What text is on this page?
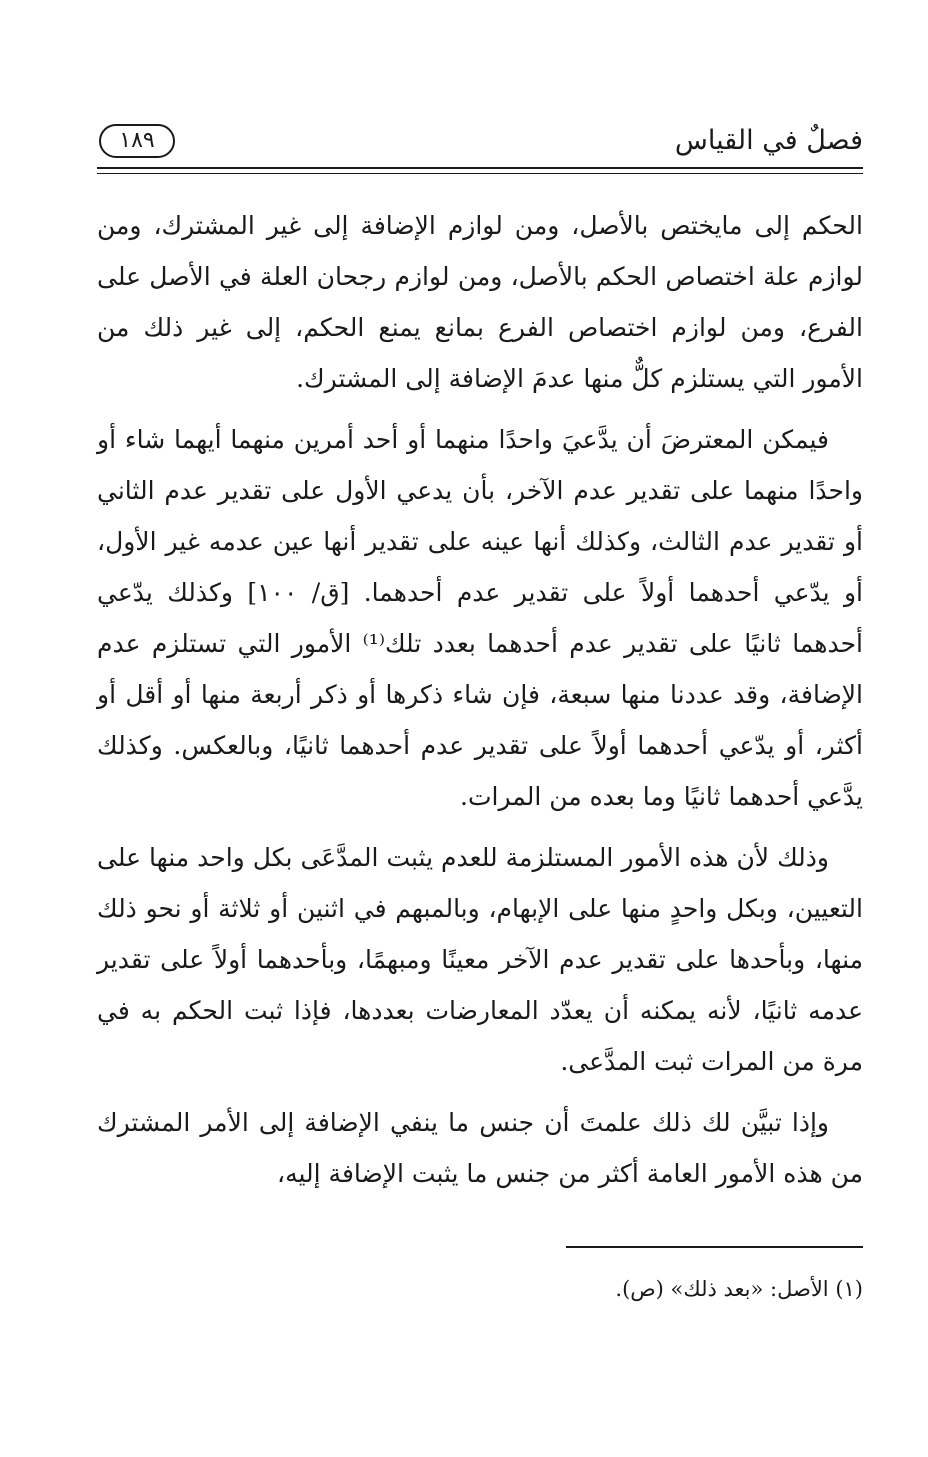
فصلٌ في القياس
١٨٩

الحكم إلى مايختص بالأصل، ومن لوازم الإضافة إلى غير المشترك، ومن لوازم علة اختصاص الحكم بالأصل، ومن لوازم رجحان العلة في الأصل على الفرع، ومن لوازم اختصاص الفرع بمانع يمنع الحكم، إلى غير ذلك من الأمور التي يستلزم كلٌّ منها عدمَ الإضافة إلى المشترك.

فيمكن المعترضَ أن يدَّعيَ واحدًا منهما أو أحد أمرين منهما أيهما شاء أو واحدًا منهما على تقدير عدم الآخر، بأن يدعي الأول على تقدير عدم الثاني أو تقدير عدم الثالث، وكذلك أنها عينه على تقدير أنها عين عدمه غير الأول، أو يدّعي أحدهما أولاً على تقدير عدم أحدهما. [ق/ ١٠٠] وكذلك يدّعي أحدهما ثانيًا على تقدير عدم أحدهما بعدد تلك⁽¹⁾ الأمور التي تستلزم عدم الإضافة، وقد عددنا منها سبعة، فإن شاء ذكرها أو ذكر أربعة منها أو أقل أو أكثر، أو يدّعي أحدهما أولاً على تقدير عدم أحدهما ثانيًا، وبالعكس. وكذلك يدَّعي أحدهما ثانيًا وما بعده من المرات.

وذلك لأن هذه الأمور المستلزمة للعدم يثبت المدَّعَى بكل واحد منها على التعيين، وبكل واحدٍ منها على الإبهام، وبالمبهم في اثنين أو ثلاثة أو نحو ذلك منها، وبأحدها على تقدير عدم الآخر معينًا ومبهمًا، وبأحدهما أولاً على تقدير عدمه ثانيًا، لأنه يمكنه أن يعدّد المعارضات بعددها، فإذا ثبت الحكم به في مرة من المرات ثبت المدَّعى.

وإذا تبيَّن لك ذلك علمتَ أن جنس ما ينفي الإضافة إلى الأمر المشترك من هذه الأمور العامة أكثر من جنس ما يثبت الإضافة إليه،

(١) الأصل: «بعد ذلك» (ص).
